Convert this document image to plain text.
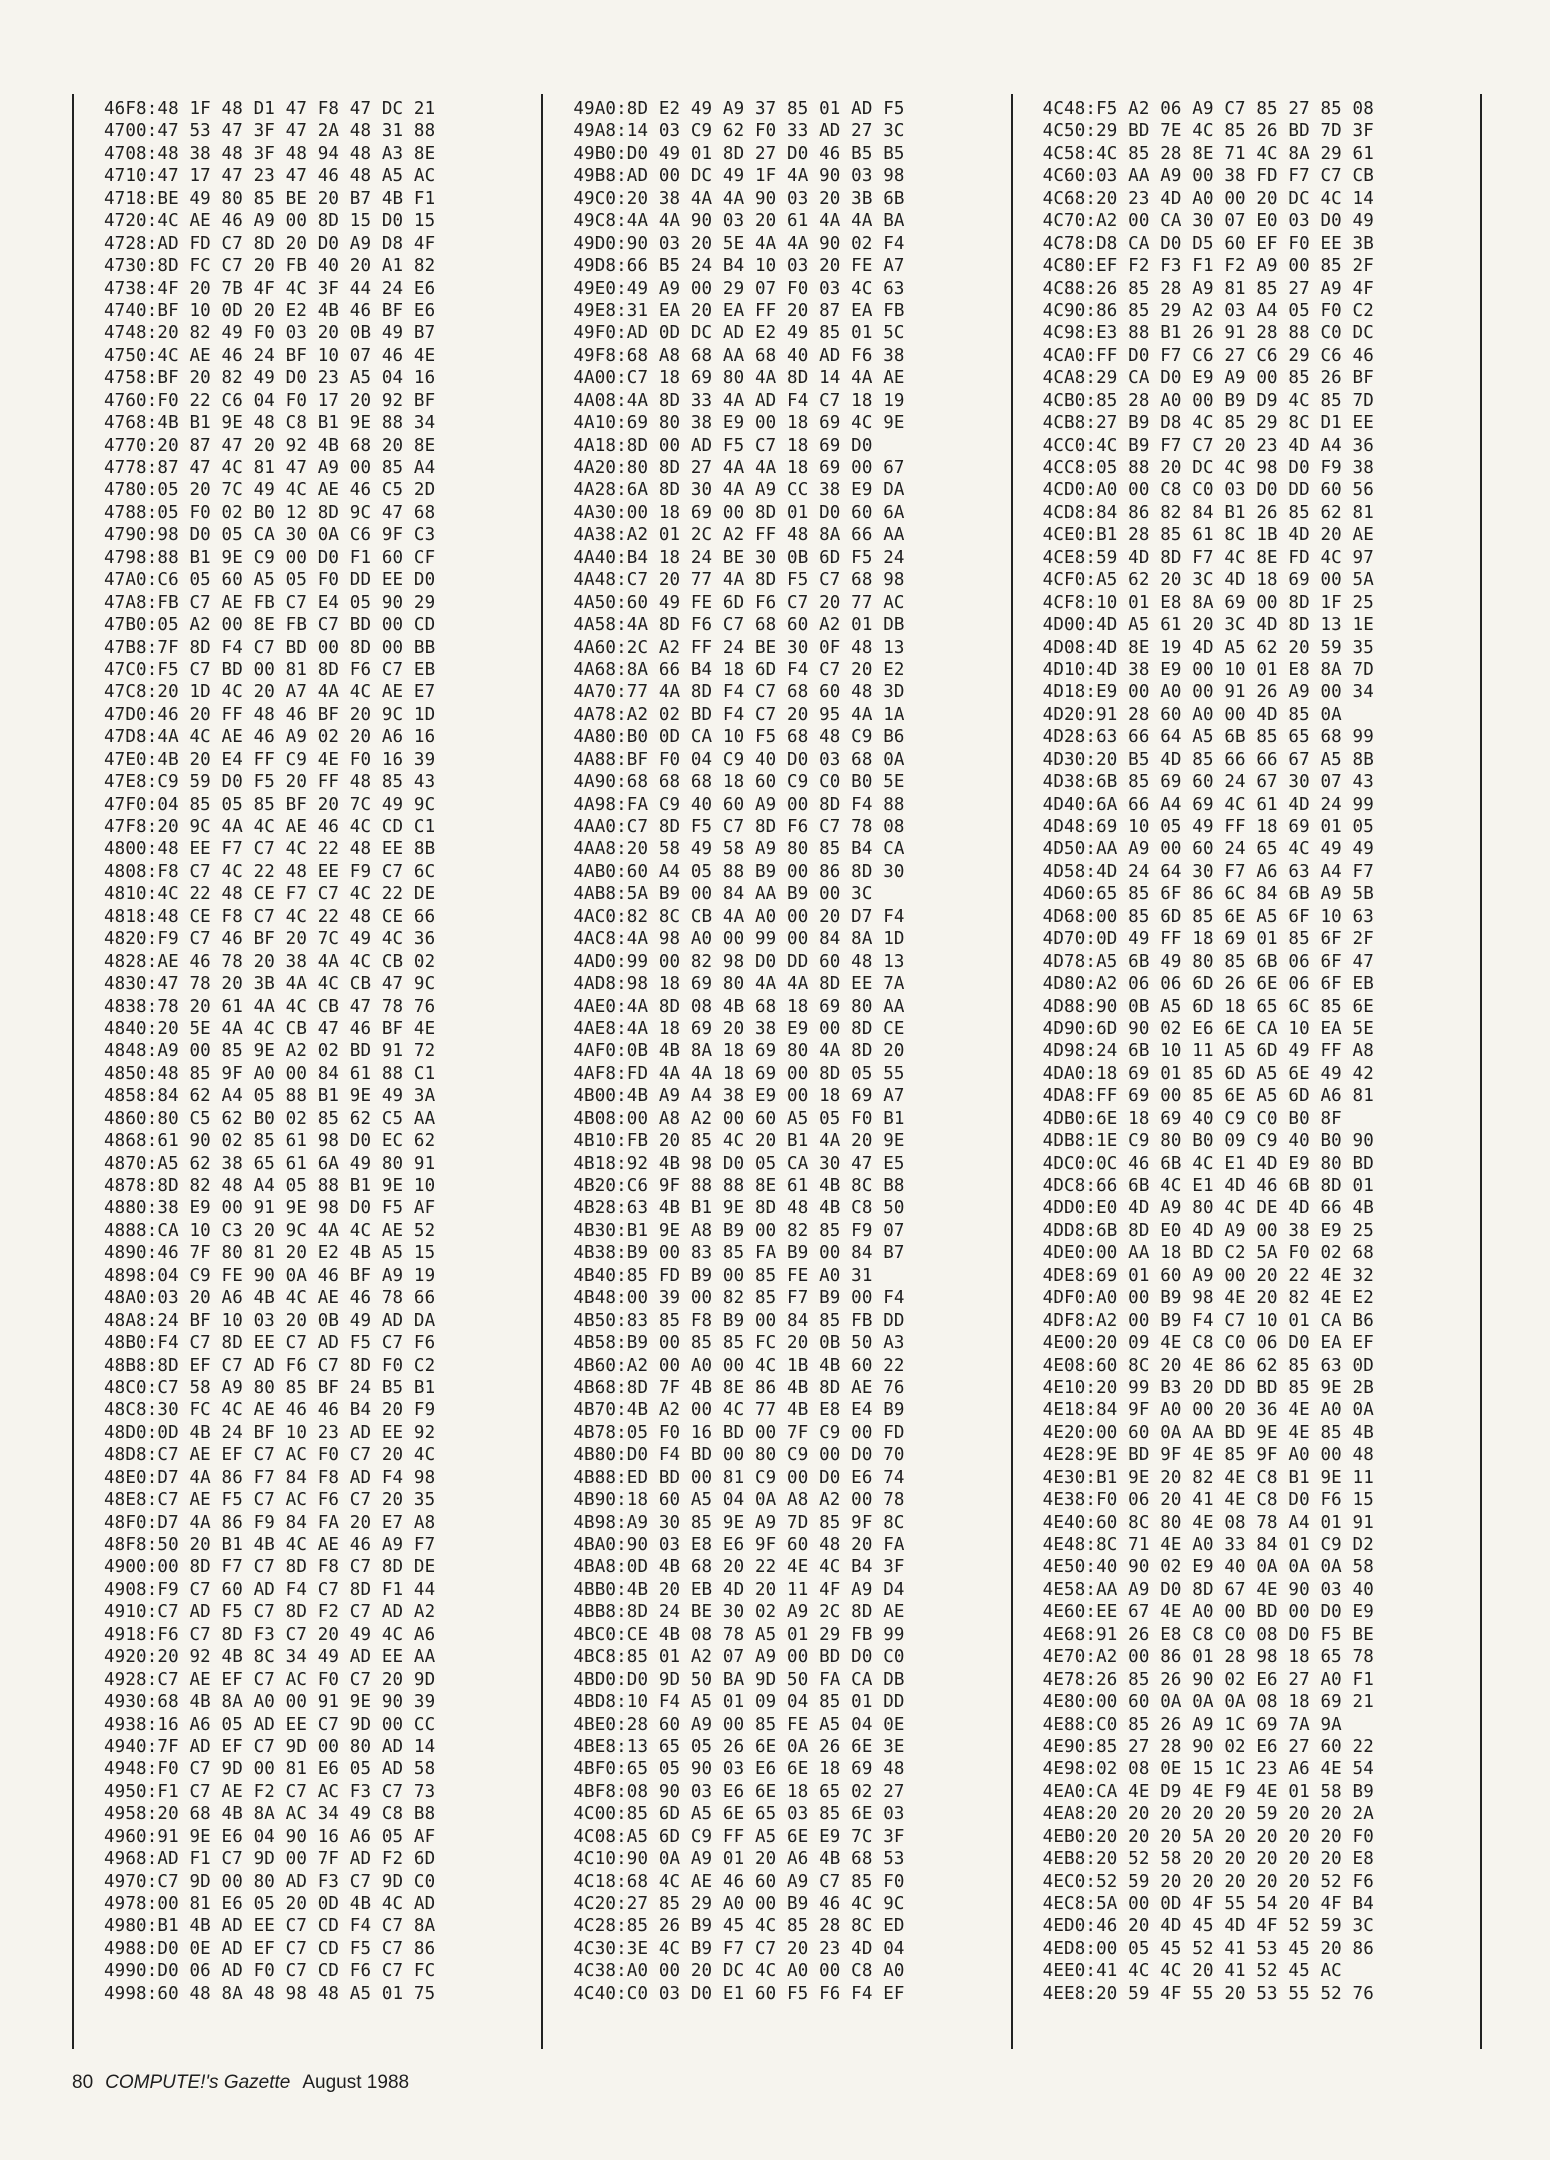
46F8:48 1F 48 D1 47 F8 47 DC 21
4700:47 53 47 3F 47 2A 48 31 88
4708:48 38 48 3F 48 94 48 A3 8E
4710:47 17 47 23 47 46 48 A5 AC
4718:BE 49 80 85 BE 20 B7 4B F1
4720:4C AE 46 A9 00 8D 15 D0 15
4728:AD FD C7 8D 20 D0 A9 D8 4F
4730:8D FC C7 20 FB 40 20 A1 82
4738:4F 20 7B 4F 4C 3F 44 24 E6
4740:BF 10 0D 20 E2 4B 46 BF E6
4748:20 82 49 F0 03 20 0B 49 B7
4750:4C AE 46 24 BF 10 07 46 4E
4758:BF 20 82 49 D0 23 A5 04 16
4760:F0 22 C6 04 F0 17 20 92 BF
4768:4B B1 9E 48 C8 B1 9E 88 34
4770:20 87 47 20 92 4B 68 20 8E
4778:87 47 4C 81 47 A9 00 85 A4
4780:05 20 7C 49 4C AE 46 C5 2D
4788:05 F0 02 B0 12 8D 9C 47 68
4790:98 D0 05 CA 30 0A C6 9F C3
4798:88 B1 9E C9 00 D0 F1 60 CF
47A0:C6 05 60 A5 05 F0 DD EE D0
47A8:FB C7 AE FB C7 E4 05 90 29
47B0:05 A2 00 8E FB C7 BD 00 CD
47B8:7F 8D F4 C7 BD 00 8D 00 BB
47C0:F5 C7 BD 00 81 8D F6 C7 EB
47C8:20 1D 4C 20 A7 4A 4C AE E7
47D0:46 20 FF 48 46 BF 20 9C 1D
47D8:4A 4C AE 46 A9 02 20 A6 16
47E0:4B 20 E4 FF C9 4E F0 16 39
47E8:C9 59 D0 F5 20 FF 48 85 43
47F0:04 85 05 85 BF 20 7C 49 9C
47F8:20 9C 4A 4C AE 46 4C CD C1
4800:48 EE F7 C7 4C 22 48 EE 8B
4808:F8 C7 4C 22 48 EE F9 C7 6C
4810:4C 22 48 CE F7 C7 4C 22 DE
4818:48 CE F8 C7 4C 22 48 CE 66
4820:F9 C7 46 BF 20 7C 49 4C 36
4828:AE 46 78 20 38 4A 4C CB 02
4830:47 78 20 3B 4A 4C CB 47 9C
4838:78 20 61 4A 4C CB 47 78 76
4840:20 5E 4A 4C CB 47 46 BF 4E
4848:A9 00 85 9E A2 02 BD 91 72
4850:48 85 9F A0 00 84 61 88 C1
4858:84 62 A4 05 88 B1 9E 49 3A
4860:80 C5 62 B0 02 85 62 C5 AA
4868:61 90 02 85 61 98 D0 EC 62
4870:A5 62 38 65 61 6A 49 80 91
4878:8D 82 48 A4 05 88 B1 9E 10
4880:38 E9 00 91 9E 98 D0 F5 AF
4888:CA 10 C3 20 9C 4A 4C AE 52
4890:46 7F 80 81 20 E2 4B A5 15
4898:04 C9 FE 90 0A 46 BF A9 19
48A0:03 20 A6 4B 4C AE 46 78 66
48A8:24 BF 10 03 20 0B 49 AD DA
48B0:F4 C7 8D EE C7 AD F5 C7 F6
48B8:8D EF C7 AD F6 C7 8D F0 C2
48C0:C7 58 A9 80 85 BF 24 B5 B1
48C8:30 FC 4C AE 46 46 B4 20 F9
48D0:0D 4B 24 BF 10 23 AD EE 92
48D8:C7 AE EF C7 AC F0 C7 20 4C
48E0:D7 4A 86 F7 84 F8 AD F4 98
48E8:C7 AE F5 C7 AC F6 C7 20 35
48F0:D7 4A 86 F9 84 FA 20 E7 A8
48F8:50 20 B1 4B 4C AE 46 A9 F7
4900:00 8D F7 C7 8D F8 C7 8D DE
4908:F9 C7 60 AD F4 C7 8D F1 44
4910:C7 AD F5 C7 8D F2 C7 AD A2
4918:F6 C7 8D F3 C7 20 49 4C A6
4920:20 92 4B 8C 34 49 AD EE AA
4928:C7 AE EF C7 AC F0 C7 20 9D
4930:68 4B 8A A0 00 91 9E 90 39
4938:16 A6 05 AD EE C7 9D 00 CC
4940:7F AD EF C7 9D 00 80 AD 14
4948:F0 C7 9D 00 81 E6 05 AD 58
4950:F1 C7 AE F2 C7 AC F3 C7 73
4958:20 68 4B 8A AC 34 49 C8 B8
4960:91 9E E6 04 90 16 A6 05 AF
4968:AD F1 C7 9D 00 7F AD F2 6D
4970:C7 9D 00 80 AD F3 C7 9D C0
4978:00 81 E6 05 20 0D 4B 4C AD
4980:B1 4B AD EE C7 CD F4 C7 8A
4988:D0 0E AD EF C7 CD F5 C7 86
4990:D0 06 AD F0 C7 CD F6 C7 FC
4998:60 48 8A 48 98 48 A5 01 75
49A0:8D E2 49 A9 37 85 01 AD F5
49A8:14 03 C9 62 F0 33 AD 27 3C
49B0:D0 49 01 8D 27 D0 46 B5 B5
49B8:AD 00 DC 49 1F 4A 90 03 98
49C0:20 38 4A 4A 90 03 20 3B 6B
49C8:4A 4A 90 03 20 61 4A 4A BA
49D0:90 03 20 5E 4A 4A 90 02 F4
49D8:66 B5 24 B4 10 03 20 FE A7
49E0:49 A9 00 29 07 F0 03 4C 63
49E8:31 EA 20 EA FF 20 87 EA FB
49F0:AD 0D DC AD E2 49 85 01 5C
49F8:68 A8 68 AA 68 40 AD F6 38
4A00:C7 18 69 80 4A 8D 14 4A AE
4A08:4A 8D 33 4A AD F4 C7 18 19
4A10:69 80 38 E9 00 18 69 4C 9E
4A18:8D 00 AD F5 C7 18 69 D0
4A20:80 8D 27 4A 4A 18 69 00 67
4A28:6A 8D 30 4A A9 CC 38 E9 DA
4A30:00 18 69 00 8D 01 D0 60 6A
4A38:A2 01 2C A2 FF 48 8A 66 AA
4A40:B4 18 24 BE 30 0B 6D F5 24
4A48:C7 20 77 4A 8D F5 C7 68 98
4A50:60 49 FE 6D F6 C7 20 77 AC
4A58:4A 8D F6 C7 68 60 A2 01 DB
4A60:2C A2 FF 24 BE 30 0F 48 13
4A68:8A 66 B4 18 6D F4 C7 20 E2
4A70:77 4A 8D F4 C7 68 60 48 3D
4A78:A2 02 BD F4 C7 20 95 4A 1A
4A80:B0 0D CA 10 F5 68 48 C9 B6
4A88:BF F0 04 C9 40 D0 03 68 0A
4A90:68 68 68 18 60 C9 C0 B0 5E
4A98:FA C9 40 60 A9 00 8D F4 88
4AA0:C7 8D F5 C7 8D F6 C7 78 08
4AA8:20 58 49 58 A9 80 85 B4 CA
4AB0:60 A4 05 88 B9 00 86 8D 30
4AB8:5A B9 00 84 AA B9 00 3C
4AC0:82 8C CB 4A A0 00 20 D7 F4
4AC8:4A 98 A0 00 99 00 84 8A 1D
4AD0:99 00 82 98 D0 DD 60 48 13
4AD8:98 18 69 80 4A 4A 8D EE 7A
4AE0:4A 8D 08 4B 68 18 69 80 AA
4AE8:4A 18 69 20 38 E9 00 8D CE
4AF0:0B 4B 8A 18 69 80 4A 8D 20
4AF8:FD 4A 4A 18 69 00 8D 05 55
4B00:4B A9 A4 38 E9 00 18 69 A7
4B08:00 A8 A2 00 60 A5 05 F0 B1
4B10:FB 20 85 4C 20 B1 4A 20 9E
4B18:92 4B 98 D0 05 CA 30 47 E5
4B20:C6 9F 88 88 8E 61 4B 8C B8
4B28:63 4B B1 9E 8D 48 4B C8 50
4B30:B1 9E A8 B9 00 82 85 F9 07
4B38:B9 00 83 85 FA B9 00 84 B7
4B40:85 FD B9 00 85 FE A0 31
4B48:00 39 00 82 85 F7 B9 00 F4
4B50:83 85 F8 B9 00 84 85 FB DD
4B58:B9 00 85 85 FC 20 0B 50 A3
4B60:A2 00 A0 00 4C 1B 4B 60 22
4B68:8D 7F 4B 8E 86 4B 8D AE 76
4B70:4B A2 00 4C 77 4B E8 E4 B9
4B78:05 F0 16 BD 00 7F C9 00 FD
4B80:D0 F4 BD 00 80 C9 00 D0 70
4B88:ED BD 00 81 C9 00 D0 E6 74
4B90:18 60 A5 04 0A A8 A2 00 78
4B98:A9 30 85 9E A9 7D 85 9F 8C
4BA0:90 03 E8 E6 9F 60 48 20 FA
4BA8:0D 4B 68 20 22 4E 4C B4 3F
4BB0:4B 20 EB 4D 20 11 4F A9 D4
4BB8:8D 24 BE 30 02 A9 2C 8D AE
4BC0:CE 4B 08 78 A5 01 29 FB 99
4BC8:85 01 A2 07 A9 00 BD D0 C0
4BD0:D0 9D 50 BA 9D 50 FA CA DB
4BD8:10 F4 A5 01 09 04 85 01 DD
4BE0:28 60 A9 00 85 FE A5 04 0E
4BE8:13 65 05 26 6E 0A 26 6E 3E
4BF0:65 05 90 03 E6 6E 18 69 48
4BF8:08 90 03 E6 6E 18 65 02 27
4C00:85 6D A5 6E 65 03 85 6E 03
4C08:A5 6D C9 FF A5 6E E9 7C 3F
4C10:90 0A A9 01 20 A6 4B 68 53
4C18:68 4C AE 46 60 A9 C7 85 F0
4C20:27 85 29 A0 00 B9 46 4C 9C
4C28:85 26 B9 45 4C 85 28 8C ED
4C30:3E 4C B9 F7 C7 20 23 4D 04
4C38:A0 00 20 DC 4C A0 00 C8 A0
4C40:C0 03 D0 E1 60 F5 F6 F4 EF
4C48:F5 A2 06 A9 C7 85 27 85 08
4C50:29 BD 7E 4C 85 26 BD 7D 3F
4C58:4C 85 28 8E 71 4C 8A 29 61
4C60:03 AA A9 00 38 FD F7 C7 CB
4C68:20 23 4D A0 00 20 DC 4C 14
4C70:A2 00 CA 30 07 E0 03 D0 49
4C78:D8 CA D0 D5 60 EF F0 EE 3B
4C80:EF F2 F3 F1 F2 A9 00 85 2F
4C88:26 85 28 A9 81 85 27 A9 4F
4C90:86 85 29 A2 03 A4 05 F0 C2
4C98:E3 88 B1 26 91 28 88 C0 DC
4CA0:FF D0 F7 C6 27 C6 29 C6 46
4CA8:29 CA D0 E9 A9 00 85 26 BF
4CB0:85 28 A0 00 B9 D9 4C 85 7D
4CB8:27 B9 D8 4C 85 29 8C D1 EE
4CC0:4C B9 F7 C7 20 23 4D A4 36
4CC8:05 88 20 DC 4C 98 D0 F9 38
4CD0:A0 00 C8 C0 03 D0 DD 60 56
4CD8:84 86 82 84 B1 26 85 62 81
4CE0:B1 28 85 61 8C 1B 4D 20 AE
4CE8:59 4D 8D F7 4C 8E FD 4C 97
4CF0:A5 62 20 3C 4D 18 69 00 5A
4CF8:10 01 E8 8A 69 00 8D 1F 25
4D00:4D A5 61 20 3C 4D 8D 13 1E
4D08:4D 8E 19 4D A5 62 20 59 35
4D10:4D 38 E9 00 10 01 E8 8A 7D
4D18:E9 00 A0 00 91 26 A9 00 34
4D20:91 28 60 A0 00 4D 85 0A
4D28:63 66 64 A5 6B 85 65 68 99
4D30:20 B5 4D 85 66 66 67 A5 8B
4D38:6B 85 69 60 24 67 30 07 43
4D40:6A 66 A4 69 4C 61 4D 24 99
4D48:69 10 05 49 FF 18 69 01 05
4D50:AA A9 00 60 24 65 4C 49 49
4D58:4D 24 64 30 F7 A6 63 A4 F7
4D60:65 85 6F 86 6C 84 6B A9 5B
4D68:00 85 6D 85 6E A5 6F 10 63
4D70:0D 49 FF 18 69 01 85 6F 2F
4D78:A5 6B 49 80 85 6B 06 6F 47
4D80:A2 06 06 6D 26 6E 06 6F EB
4D88:90 0B A5 6D 18 65 6C 85 6E
4D90:6D 90 02 E6 6E CA 10 EA 5E
4D98:24 6B 10 11 A5 6D 49 FF A8
4DA0:18 69 01 85 6D A5 6E 49 42
4DA8:FF 69 00 85 6E A5 6D A6 81
4DB0:6E 18 69 40 C9 C0 B0 8F
4DB8:1E C9 80 B0 09 C9 40 B0 90
4DC0:0C 46 6B 4C E1 4D E9 80 BD
4DC8:66 6B 4C E1 4D 46 6B 8D 01
4DD0:E0 4D A9 80 4C DE 4D 66 4B
4DD8:6B 8D E0 4D A9 00 38 E9 25
4DE0:00 AA 18 BD C2 5A F0 02 68
4DE8:69 01 60 A9 00 20 22 4E 32
4DF0:A0 00 B9 98 4E 20 82 4E E2
4DF8:A2 00 B9 F4 C7 10 01 CA B6
4E00:20 09 4E C8 C0 06 D0 EA EF
4E08:60 8C 20 4E 86 62 85 63 0D
4E10:20 99 B3 20 DD BD 85 9E 2B
4E18:84 9F A0 00 20 36 4E A0 0A
4E20:00 60 0A AA BD 9E 4E 85 4B
4E28:9E BD 9F 4E 85 9F A0 00 48
4E30:B1 9E 20 82 4E C8 B1 9E 11
4E38:F0 06 20 41 4E C8 D0 F6 15
4E40:60 8C 80 4E 08 78 A4 01 91
4E48:8C 71 4E A0 33 84 01 C9 D2
4E50:40 90 02 E9 40 0A 0A 0A 58
4E58:AA A9 D0 8D 67 4E 90 03 40
4E60:EE 67 4E A0 00 BD 00 D0 E9
4E68:91 26 E8 C8 C0 08 D0 F5 BE
4E70:A2 00 86 01 28 98 18 65 78
4E78:26 85 26 90 02 E6 27 A0 F1
4E80:00 60 0A 0A 0A 08 18 69 21
4E88:C0 85 26 A9 1C 69 7A 9A
4E90:85 27 28 90 02 E6 27 60 22
4E98:02 08 0E 15 1C 23 A6 4E 54
4EA0:CA 4E D9 4E F9 4E 01 58 B9
4EA8:20 20 20 20 20 59 20 20 2A
4EB0:20 20 20 5A 20 20 20 20 F0
4EB8:20 52 58 20 20 20 20 20 E8
4EC0:52 59 20 20 20 20 20 52 F6
4EC8:5A 00 0D 4F 55 54 20 4F B4
4ED0:46 20 4D 45 4D 4F 52 59 3C
4ED8:00 05 45 52 41 53 45 20 86
4EE0:41 4C 4C 20 41 52 45 AC
4EE8:20 59 4F 55 20 53 55 52 76
80 COMPUTE!'s Gazette August 1988
